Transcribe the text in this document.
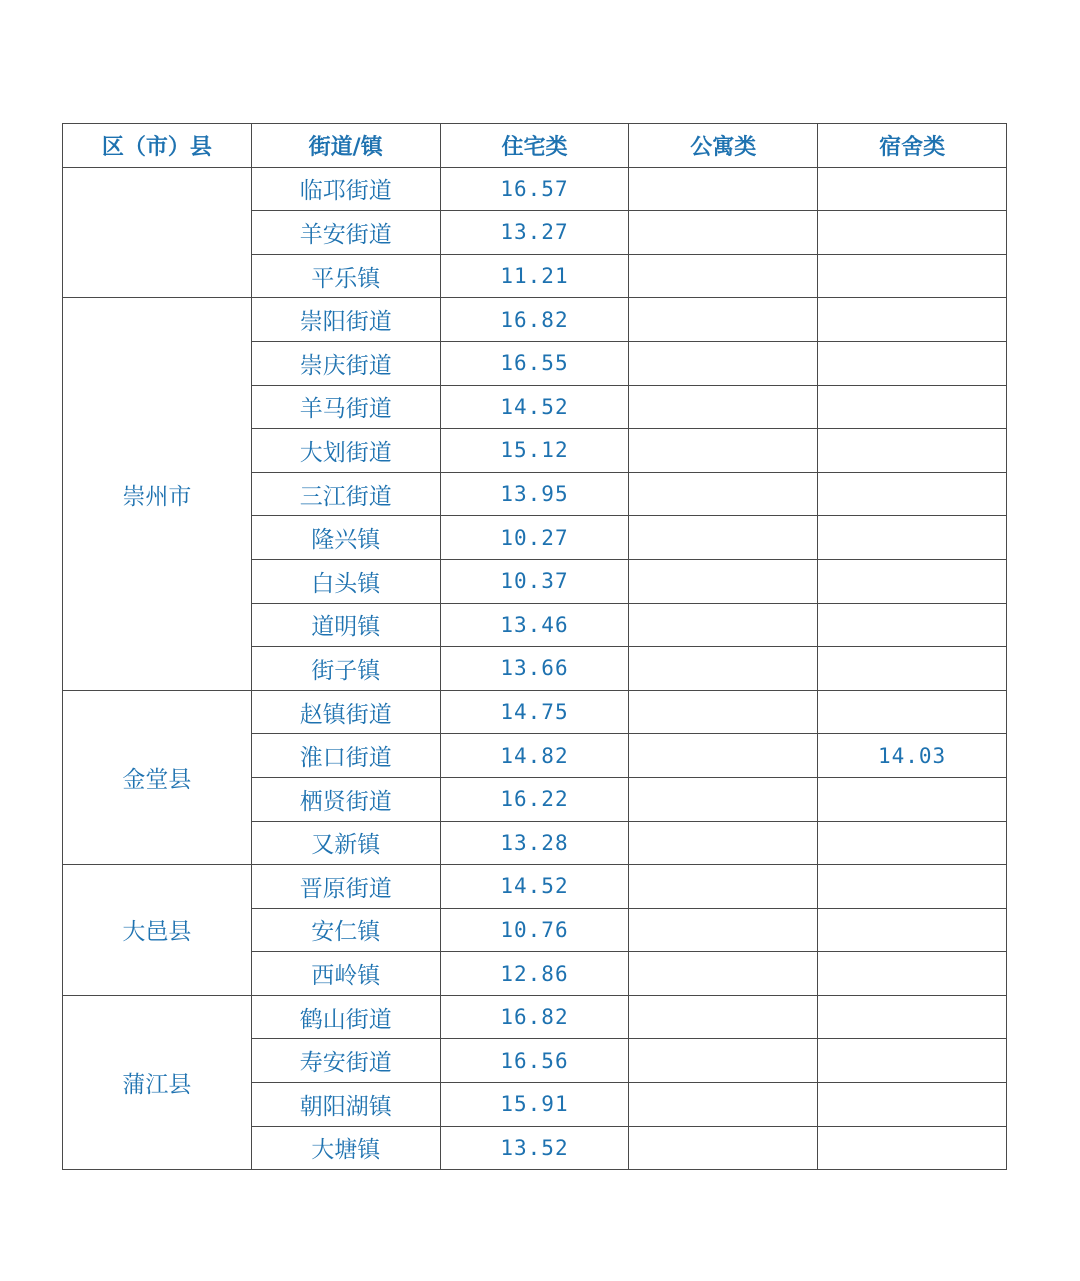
区（市）县	街道/镇	住宅类	公寓类	宿舍类
	临邛街道	16.57		
	羊安街道	13.27		
	平乐镇	11.21		
崇州市	崇阳街道	16.82		
	崇庆街道	16.55		
	羊马街道	14.52		
	大划街道	15.12		
	三江街道	13.95		
	隆兴镇	10.27		
	白头镇	10.37		
	道明镇	13.46		
	街子镇	13.66		
金堂县	赵镇街道	14.75		
	淮口街道	14.82		14.03
	栖贤街道	16.22		
	又新镇	13.28		
大邑县	晋原街道	14.52		
	安仁镇	10.76		
	西岭镇	12.86		
蒲江县	鹤山街道	16.82		
	寿安街道	16.56		
	朝阳湖镇	15.91		
	大塘镇	13.52		
